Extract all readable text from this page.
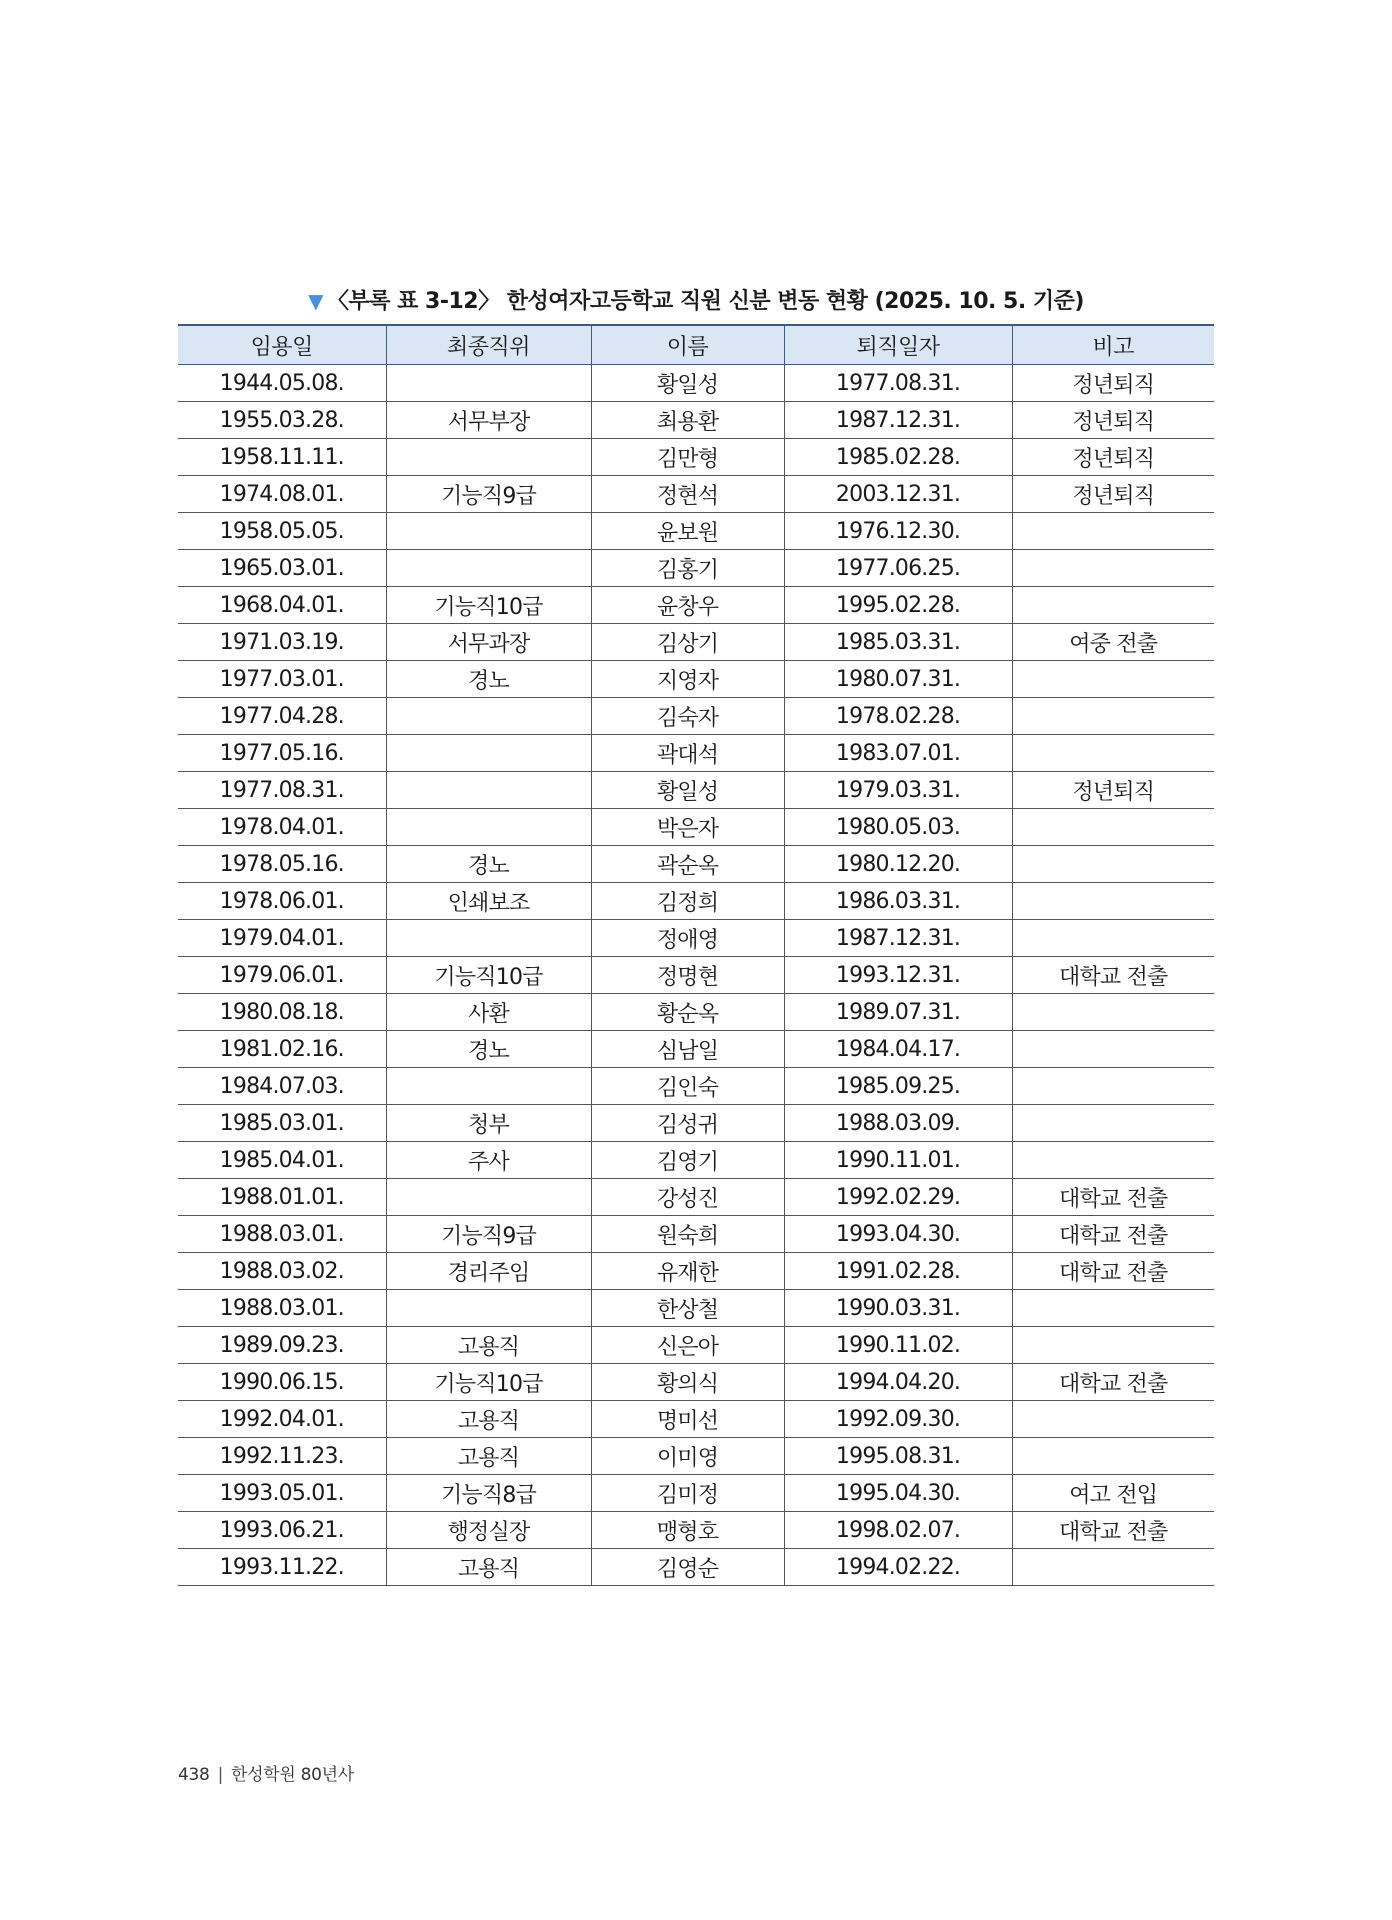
▼ 〈부록 표 3-12〉 한성여자고등학교 직원 신분 변동 현황 (2025. 10. 5. 기준)
임용일	최종직위	이름	퇴직일자	비고
1944.05.08.		황일성	1977.08.31.	정년퇴직
1955.03.28.	서무부장	최용환	1987.12.31.	정년퇴직
1958.11.11.		김만형	1985.02.28.	정년퇴직
1974.08.01.	기능직9급	정현석	2003.12.31.	정년퇴직
1958.05.05.		윤보원	1976.12.30.	
1965.03.01.		김홍기	1977.06.25.	
1968.04.01.	기능직10급	윤창우	1995.02.28.	
1971.03.19.	서무과장	김상기	1985.03.31.	여중 전출
1977.03.01.	경노	지영자	1980.07.31.	
1977.04.28.		김숙자	1978.02.28.	
1977.05.16.		곽대석	1983.07.01.	
1977.08.31.		황일성	1979.03.31.	정년퇴직
1978.04.01.		박은자	1980.05.03.	
1978.05.16.	경노	곽순옥	1980.12.20.	
1978.06.01.	인쇄보조	김정희	1986.03.31.	
1979.04.01.		정애영	1987.12.31.	
1979.06.01.	기능직10급	정명현	1993.12.31.	대학교 전출
1980.08.18.	사환	황순옥	1989.07.31.	
1981.02.16.	경노	심남일	1984.04.17.	
1984.07.03.		김인숙	1985.09.25.	
1985.03.01.	청부	김성귀	1988.03.09.	
1985.04.01.	주사	김영기	1990.11.01.	
1988.01.01.		강성진	1992.02.29.	대학교 전출
1988.03.01.	기능직9급	원숙희	1993.04.30.	대학교 전출
1988.03.02.	경리주임	유재한	1991.02.28.	대학교 전출
1988.03.01.		한상철	1990.03.31.	
1989.09.23.	고용직	신은아	1990.11.02.	
1990.06.15.	기능직10급	황의식	1994.04.20.	대학교 전출
1992.04.01.	고용직	명미선	1992.09.30.	
1992.11.23.	고용직	이미영	1995.08.31.	
1993.05.01.	기능직8급	김미정	1995.04.30.	여고 전입
1993.06.21.	행정실장	맹형호	1998.02.07.	대학교 전출
1993.11.22.	고용직	김영순	1994.02.22.	
438 | 한성학원 80년사
